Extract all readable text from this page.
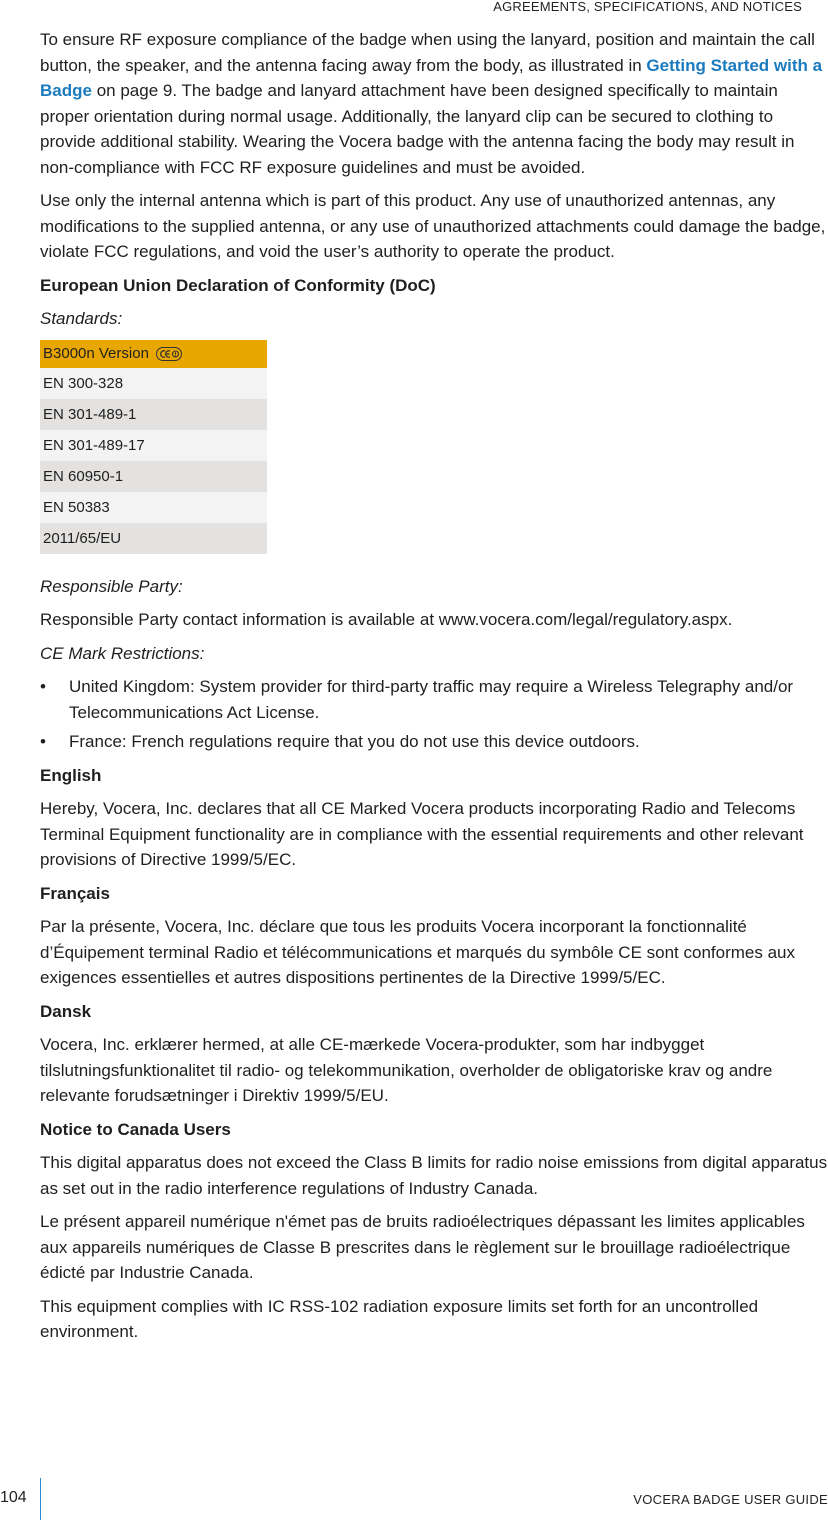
AGREEMENTS, SPECIFICATIONS, AND NOTICES

To ensure RF exposure compliance of the badge when using the lanyard, position and maintain the call button, the speaker, and the antenna facing away from the body, as illustrated in Getting Started with a Badge on page 9. The badge and lanyard attachment have been designed specifically to maintain proper orientation during normal usage. Additionally, the lanyard clip can be secured to clothing to provide additional stability. Wearing the Vocera badge with the antenna facing the body may result in non-compliance with FCC RF exposure guidelines and must be avoided.

Use only the internal antenna which is part of this product. Any use of unauthorized antennas, any modifications to the supplied antenna, or any use of unauthorized attachments could damage the badge, violate FCC regulations, and void the user’s authority to operate the product.

European Union Declaration of Conformity (DoC)

Standards:

B3000n Version
EN 300-328
EN 301-489-1
EN 301-489-17
EN 60950-1
EN 50383
2011/65/EU

Responsible Party:

Responsible Party contact information is available at www.vocera.com/legal/regulatory.aspx.

CE Mark Restrictions:

• United Kingdom: System provider for third-party traffic may require a Wireless Telegraphy and/or Telecommunications Act License.
• France: French regulations require that you do not use this device outdoors.

English

Hereby, Vocera, Inc. declares that all CE Marked Vocera products incorporating Radio and Telecoms Terminal Equipment functionality are in compliance with the essential requirements and other relevant provisions of Directive 1999/5/EC.

Français

Par la présente, Vocera, Inc. déclare que tous les produits Vocera incorporant la fonctionnalité d’Équipement terminal Radio et télécommunications et marqués du symbôle CE sont conformes aux exigences essentielles et autres dispositions pertinentes de la Directive 1999/5/EC.

Dansk

Vocera, Inc. erklærer hermed, at alle CE-mærkede Vocera-produkter, som har indbygget tilslutningsfunktionalitet til radio- og telekommunikation, overholder de obligatoriske krav og andre relevante forudsætninger i Direktiv 1999/5/EU.

Notice to Canada Users

This digital apparatus does not exceed the Class B limits for radio noise emissions from digital apparatus as set out in the radio interference regulations of Industry Canada.

Le présent appareil numérique n'émet pas de bruits radioélectriques dépassant les limites applicables aux appareils numériques de Classe B prescrites dans le règlement sur le brouillage radioélectrique édicté par Industrie Canada.

This equipment complies with IC RSS-102 radiation exposure limits set forth for an uncontrolled environment.

104	VOCERA BADGE USER GUIDE
